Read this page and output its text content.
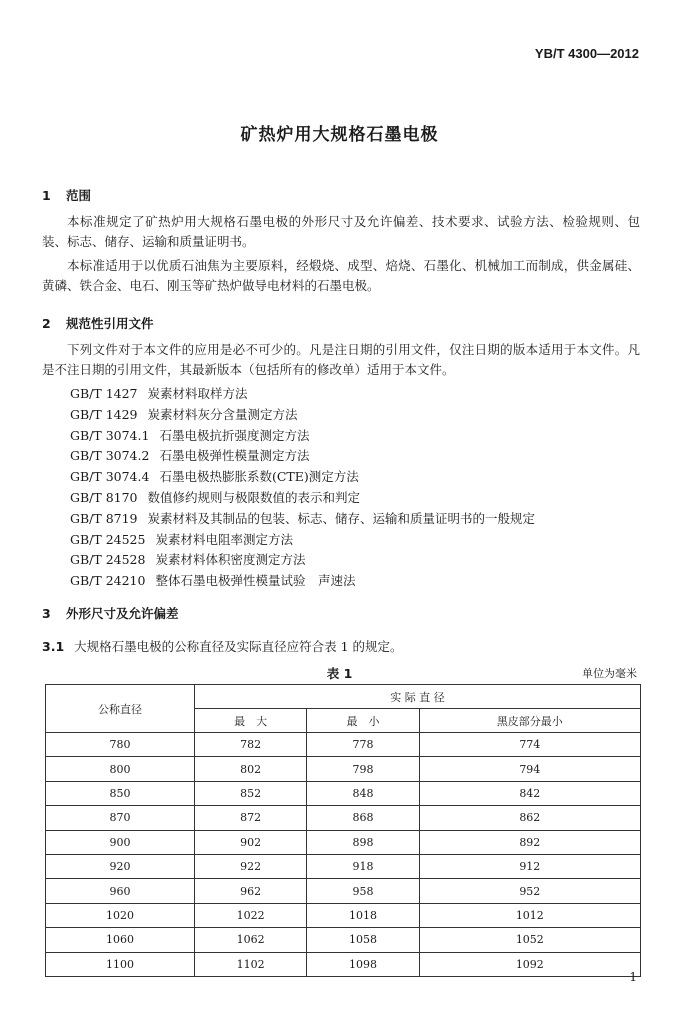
YB/T 4300—2012
矿热炉用大规格石墨电极
1 范围
本标准规定了矿热炉用大规格石墨电极的外形尺寸及允许偏差、技术要求、试验方法、检验规则、包装、标志、储存、运输和质量证明书。
本标准适用于以优质石油焦为主要原料，经煅烧、成型、焙烧、石墨化、机械加工而制成，供金属硅、黄磷、铁合金、电石、刚玉等矿热炉做导电材料的石墨电极。
2 规范性引用文件
下列文件对于本文件的应用是必不可少的。凡是注日期的引用文件，仅注日期的版本适用于本文件。凡是不注日期的引用文件，其最新版本（包括所有的修改单）适用于本文件。
GB/T 1427 炭素材料取样方法
GB/T 1429 炭素材料灰分含量测定方法
GB/T 3074.1 石墨电极抗折强度测定方法
GB/T 3074.2 石墨电极弹性模量测定方法
GB/T 3074.4 石墨电极热膨胀系数(CTE)测定方法
GB/T 8170 数值修约规则与极限数值的表示和判定
GB/T 8719 炭素材料及其制品的包装、标志、储存、运输和质量证明书的一般规定
GB/T 24525 炭素材料电阻率测定方法
GB/T 24528 炭素材料体积密度测定方法
GB/T 24210 整体石墨电极弹性模量试验　声速法
3 外形尺寸及允许偏差
3.1 大规格石墨电极的公称直径及实际直径应符合表 1 的规定。
表 1	单位为毫米
公称直径	实 际 直 径		
	最　大	最　小	黑皮部分最小
780	782	778	774
800	802	798	794
850	852	848	842
870	872	868	862
900	902	898	892
920	922	918	912
960	962	958	952
1020	1022	1018	1012
1060	1062	1058	1052
1100	1102	1098	1092
1
